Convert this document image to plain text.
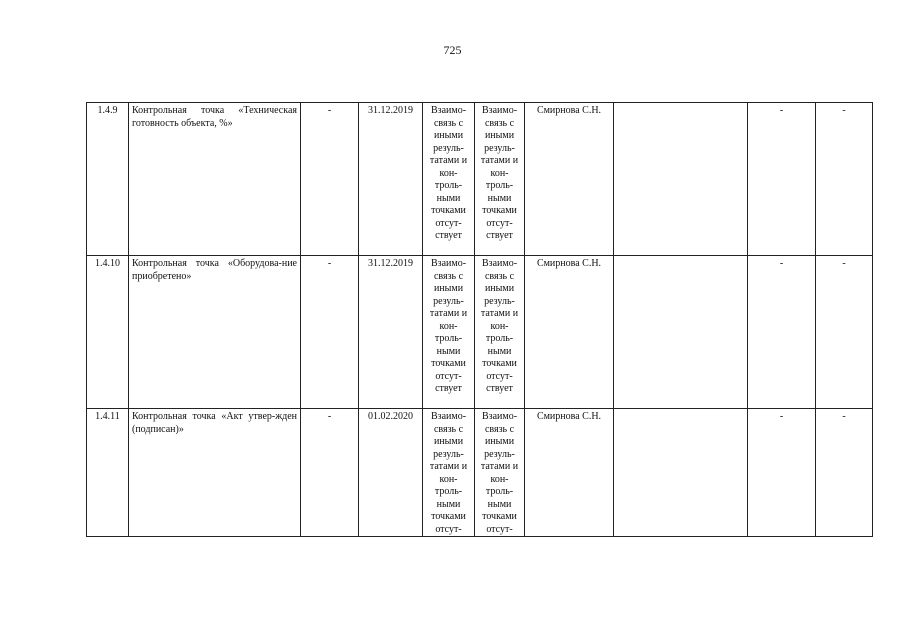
725
1.4.9	Контрольная точка «Техническая готовность объекта, %»	-	31.12.2019	Взаимо-связь с иными резуль-татами и кон-троль-ными точками отсут-ствует	Взаимо-связь с иными резуль-татами и кон-троль-ными точками отсут-ствует	Смирнова С.Н.		-	-
1.4.10	Контрольная точка «Оборудова-ние приобретено»	-	31.12.2019	Взаимо-связь с иными резуль-татами и кон-троль-ными точками отсут-ствует	Взаимо-связь с иными резуль-татами и кон-троль-ными точками отсут-ствует	Смирнова С.Н.		-	-
1.4.11	Контрольная точка «Акт утвер-жден (подписан)»	-	01.02.2020	Взаимо-связь с иными резуль-татами и кон-троль-ными точками отсут-	Взаимо-связь с иными резуль-татами и кон-троль-ными точками отсут-	Смирнова С.Н.		-	-
